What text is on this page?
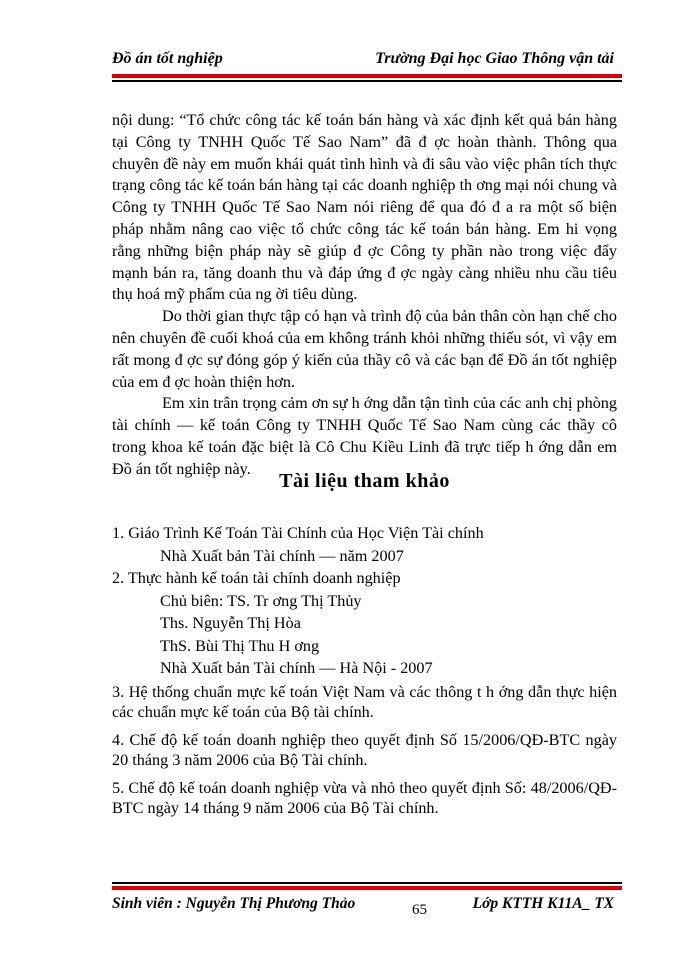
Đồ án tốt nghiệp	Trường Đại học Giao Thông vận tải

nội dung: “Tổ chức công tác kế toán bán hàng và xác định kết quả bán hàng tại Công ty TNHH Quốc Tế Sao Nam” đã đ ợc hoàn thành. Thông qua chuyên đề này em muốn khái quát tình hình và đi sâu vào việc phân tích thực trạng công tác kế toán bán hàng tại các doanh nghiệp th ơng mại nói chung và Công ty TNHH Quốc Tế Sao Nam nói riêng để qua đó đ a ra một số biện pháp nhằm nâng cao việc tổ chức công tác kế toán bán hàng. Em hi vọng rằng những biện pháp này sẽ giúp đ ợc Công ty phần nào trong việc đẩy mạnh bán ra, tăng doanh thu và đáp ứng đ ợc ngày càng nhiều nhu cầu tiêu thụ hoá mỹ phẩm của ng ời tiêu dùng.

Do thời gian thực tập có hạn và trình độ của bản thân còn hạn chế cho nên chuyên đề cuối khoá của em không tránh khỏi những thiếu sót, vì vậy em rất mong đ ợc sự đóng góp ý kiến của thầy cô và các bạn để Đồ án tốt nghiệp của em đ ợc hoàn thiện hơn.

Em xin trân trọng cảm ơn sự h ớng dẫn tận tình của các anh chị phòng tài chính — kế toán Công ty TNHH Quốc Tế Sao Nam cùng các thầy cô trong khoa kế toán đặc biệt là Cô Chu Kiều Linh đã trực tiếp h ớng dẫn em Đồ án tốt nghiệp này.

Tài liệu tham khảo
1. Giáo Trình Kế Toán Tài Chính của Học Viện Tài chính
Nhà Xuất bản Tài chính — năm 2007
2. Thực hành kế toán tài chính doanh nghiệp
Chủ biên: TS. Tr ơng Thị Thủy
Ths. Nguyễn Thị Hòa
ThS. Bùi Thị Thu H ơng
Nhà Xuất bản Tài chính — Hà Nội - 2007
3. Hệ thống chuẩn mực kế toán Việt Nam và các thông t h ớng dẫn thực hiện các chuẩn mực kế toán của Bộ tài chính.
4. Chế độ kế toán doanh nghiệp theo quyết định Số 15/2006/QĐ-BTC ngày 20 tháng 3 năm 2006 của Bộ Tài chính.
5. Chế độ kế toán doanh nghiệp vừa và nhỏ theo quyết định Số: 48/2006/QĐ-BTC ngày 14 tháng 9 năm 2006 của Bộ Tài chính.
Sinh viên : Nguyễn Thị Phương Thảo	65	Lớp KTTH K11A_ TX
